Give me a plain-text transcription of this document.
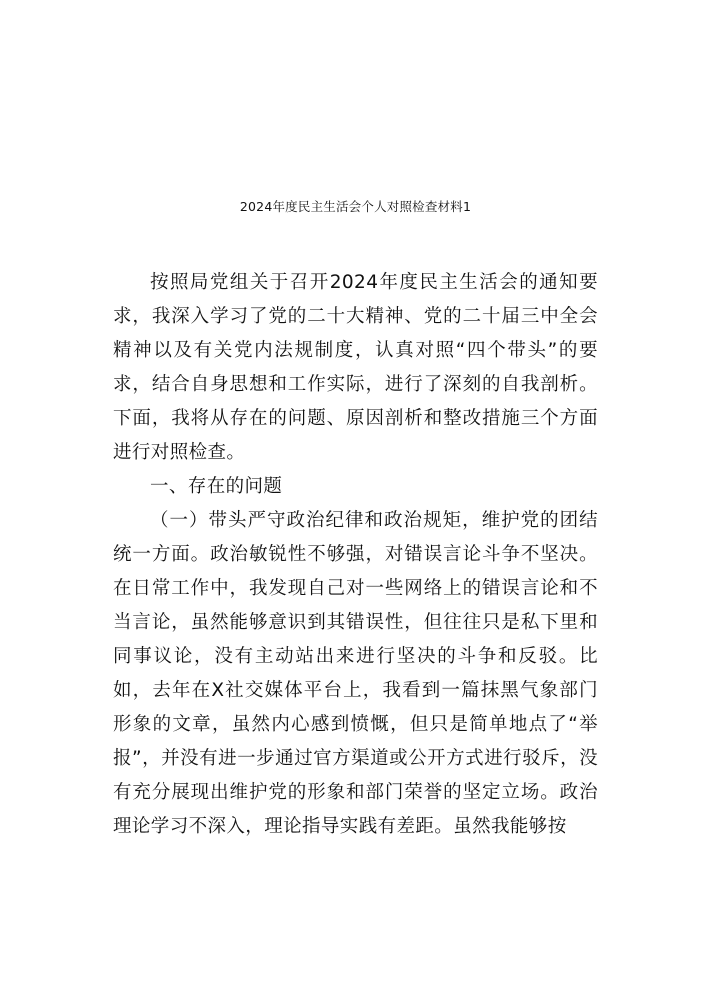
2024年度民主生活会个人对照检查材料1

按照局党组关于召开2024年度民主生活会的通知要求，我深入学习了党的二十大精神、党的二十届三中全会精神以及有关党内法规制度，认真对照“四个带头”的要求，结合自身思想和工作实际，进行了深刻的自我剖析。下面，我将从存在的问题、原因剖析和整改措施三个方面进行对照检查。

一、存在的问题

（一）带头严守政治纪律和政治规矩，维护党的团结统一方面。政治敏锐性不够强，对错误言论斗争不坚决。在日常工作中，我发现自己对一些网络上的错误言论和不当言论，虽然能够意识到其错误性，但往往只是私下里和同事议论，没有主动站出来进行坚决的斗争和反驳。比如，去年在X社交媒体平台上，我看到一篇抹黑气象部门形象的文章，虽然内心感到愤慨，但只是简单地点了“举报”，并没有进一步通过官方渠道或公开方式进行驳斥，没有充分展现出维护党的形象和部门荣誉的坚定立场。政治理论学习不深入，理论指导实践有差距。虽然我能够按
